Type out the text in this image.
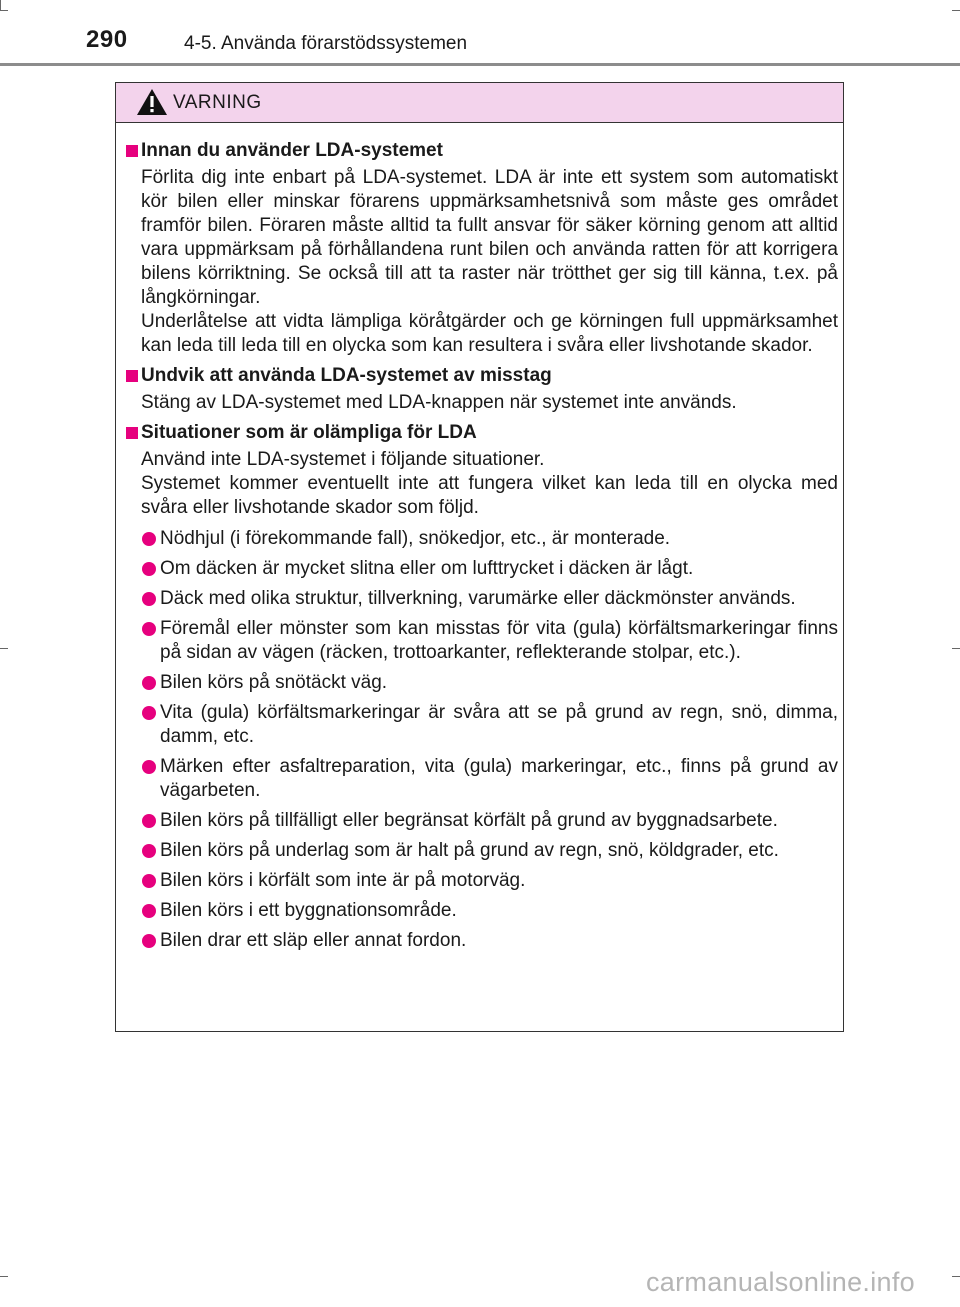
290	4-5. Använda förarstödssystemen
VARNING
Innan du använder LDA-systemet
Förlita dig inte enbart på LDA-systemet. LDA är inte ett system som automatiskt kör bilen eller minskar förarens uppmärksamhetsnivå som måste ges området framför bilen. Föraren måste alltid ta fullt ansvar för säker körning genom att alltid vara uppmärksam på förhållandena runt bilen och använda ratten för att korrigera bilens körriktning. Se också till att ta raster när trötthet ger sig till känna, t.ex. på långkörningar.
Underlåtelse att vidta lämpliga köråtgärder och ge körningen full uppmärksamhet kan leda till leda till en olycka som kan resultera i svåra eller livshotande skador.
Undvik att använda LDA-systemet av misstag
Stäng av LDA-systemet med LDA-knappen när systemet inte används.
Situationer som är olämpliga för LDA
Använd inte LDA-systemet i följande situationer.
Systemet kommer eventuellt inte att fungera vilket kan leda till en olycka med svåra eller livshotande skador som följd.
Nödhjul (i förekommande fall), snökedjor, etc., är monterade.
Om däcken är mycket slitna eller om lufttrycket i däcken är lågt.
Däck med olika struktur, tillverkning, varumärke eller däckmönster används.
Föremål eller mönster som kan misstas för vita (gula) körfältsmarkeringar finns på sidan av vägen (räcken, trottoarkanter, reflekterande stolpar, etc.).
Bilen körs på snötäckt väg.
Vita (gula) körfältsmarkeringar är svåra att se på grund av regn, snö, dimma, damm, etc.
Märken efter asfaltreparation, vita (gula) markeringar, etc., finns på grund av vägarbeten.
Bilen körs på tillfälligt eller begränsat körfält på grund av byggnadsarbete.
Bilen körs på underlag som är halt på grund av regn, snö, köldgrader, etc.
Bilen körs i körfält som inte är på motorväg.
Bilen körs i ett byggnationsområde.
Bilen drar ett släp eller annat fordon.
carmanualsonline.info
